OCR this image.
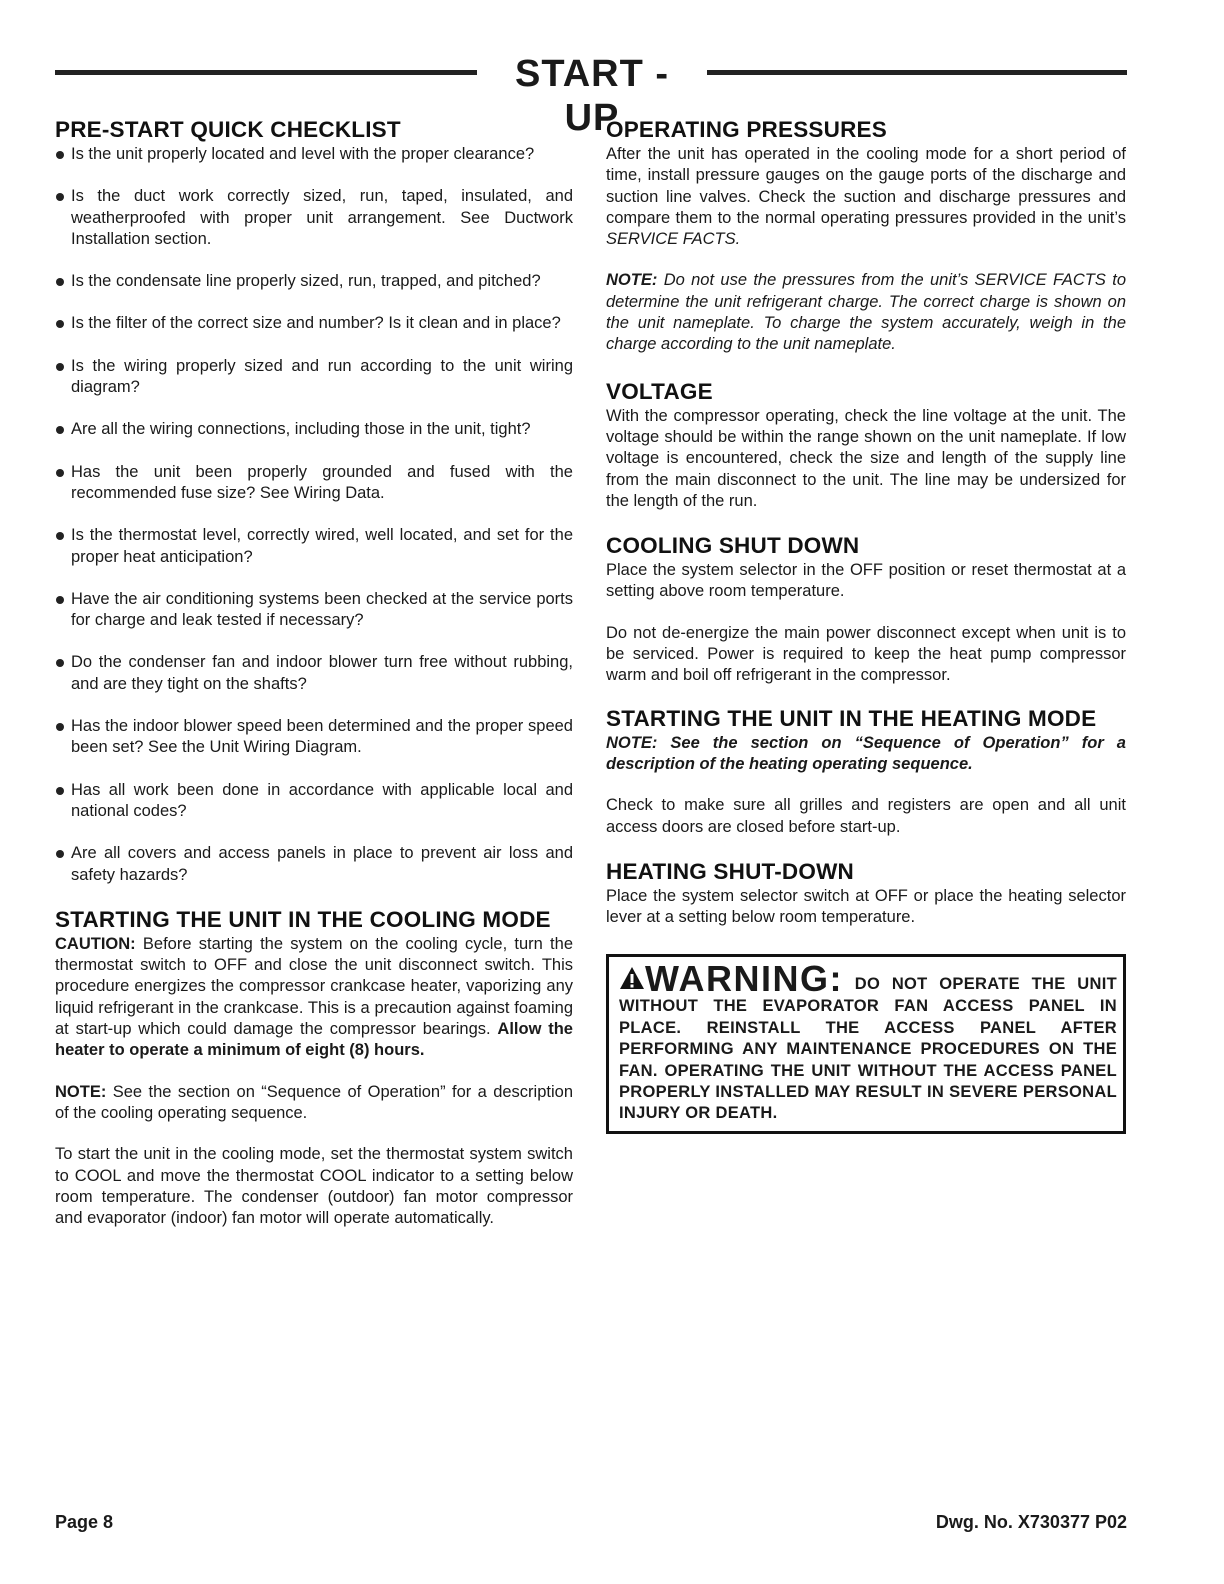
START - UP
PRE-START QUICK CHECKLIST
Is the unit properly located and level with the proper clearance?
Is the duct work correctly sized, run, taped, insulated, and weatherproofed with proper unit arrangement. See Ductwork Installation section.
Is the condensate line properly sized, run, trapped, and pitched?
Is the filter of the correct size and number? Is it clean and in place?
Is the wiring properly sized and run according to the unit wiring diagram?
Are all the wiring connections, including those in the unit, tight?
Has the unit been properly grounded and fused with the recommended fuse size? See Wiring Data.
Is the thermostat level, correctly wired, well located, and set for the proper heat anticipation?
Have the air conditioning systems been checked at the service ports for charge and leak tested if necessary?
Do the condenser fan and indoor blower turn free without rubbing, and are they tight on the shafts?
Has the indoor blower speed been determined and the proper speed been set? See the Unit Wiring Diagram.
Has all work been done in accordance with applicable local and national codes?
Are all covers and access panels in place to prevent air loss and safety hazards?
STARTING THE UNIT IN THE COOLING MODE

CAUTION: Before starting the system on the cooling cycle, turn the thermostat switch to OFF and close the unit disconnect switch. This procedure energizes the compressor crankcase heater, vaporizing any liquid refrigerant in the crankcase. This is a precaution against foaming at start-up which could damage the compressor bearings. Allow the heater to operate a minimum of eight (8) hours.

NOTE: See the section on “Sequence of Operation” for a description of the cooling operating sequence.

To start the unit in the cooling mode, set the thermostat system switch to COOL and move the thermostat COOL indicator to a setting below room temperature. The condenser (outdoor) fan motor compressor and evaporator (indoor) fan motor will operate automatically.

OPERATING PRESSURES

After the unit has operated in the cooling mode for a short period of time, install pressure gauges on the gauge ports of the discharge and suction line valves. Check the suction and discharge pressures and compare them to the normal operating pressures provided in the unit’s SERVICE FACTS.

NOTE: Do not use the pressures from the unit’s SERVICE FACTS to determine the unit refrigerant charge. The correct charge is shown on the unit nameplate. To charge the system accurately, weigh in the charge according to the unit nameplate.

VOLTAGE

With the compressor operating, check the line voltage at the unit. The voltage should be within the range shown on the unit nameplate. If low voltage is encountered, check the size and length of the supply line from the main disconnect to the unit. The line may be undersized for the length of the run.

COOLING SHUT DOWN

Place the system selector in the OFF position or reset thermostat at a setting above room temperature.

Do not de-energize the main power disconnect except when unit is to be serviced. Power is required to keep the heat pump compressor warm and boil off refrigerant in the compressor.

STARTING THE UNIT IN THE HEATING MODE

NOTE: See the section on “Sequence of Operation” for a description of the heating operating sequence.

Check to make sure all grilles and registers are open and all unit access doors are closed before start-up.

HEATING SHUT-DOWN

Place the system selector switch at OFF or place the heating selector lever at a setting below room temperature.

WARNING: DO NOT OPERATE THE UNIT WITHOUT THE EVAPORATOR FAN ACCESS PANEL IN PLACE. REINSTALL THE ACCESS PANEL AFTER PERFORMING ANY MAINTENANCE PROCEDURES ON THE FAN. OPERATING THE UNIT WITHOUT THE ACCESS PANEL PROPERLY INSTALLED MAY RESULT IN SEVERE PERSONAL INJURY OR DEATH.
Page 8	Dwg. No. X730377 P02
